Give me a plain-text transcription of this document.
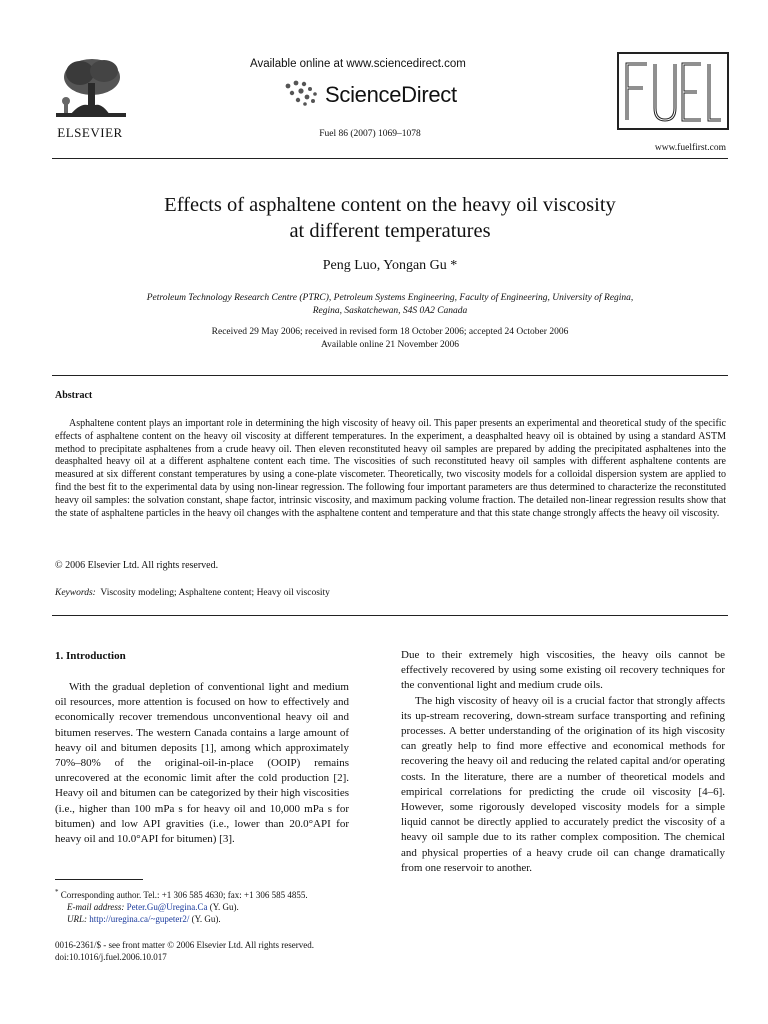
ELSEVIER
Available online at www.sciencedirect.com
ScienceDirect
Fuel 86 (2007) 1069–1078
www.fuelfirst.com
Effects of asphaltene content on the heavy oil viscosity
at different temperatures
Peng Luo, Yongan Gu *
Petroleum Technology Research Centre (PTRC), Petroleum Systems Engineering, Faculty of Engineering, University of Regina,
Regina, Saskatchewan, S4S 0A2 Canada
Received 29 May 2006; received in revised form 18 October 2006; accepted 24 October 2006
Available online 21 November 2006
Abstract
Asphaltene content plays an important role in determining the high viscosity of heavy oil. This paper presents an experimental and theoretical study of the specific effects of asphaltene content on the heavy oil viscosity at different temperatures. In the experiment, a deasphalted heavy oil is obtained by using a standard ASTM method to precipitate asphaltenes from a crude heavy oil. Then eleven reconstituted heavy oil samples are prepared by adding the precipitated asphaltenes into the deasphalted heavy oil at a different asphaltene content each time. The viscosities of such reconstituted heavy oil samples with different asphaltene contents are measured at six different constant temperatures by using a cone-plate viscometer. Theoretically, two viscosity models for a colloidal dispersion system are applied to find the best fit to the experimental data by using non-linear regression. The following four important parameters are thus determined to characterize the reconstituted heavy oil samples: the solvation constant, shape factor, intrinsic viscosity, and maximum packing volume fraction. The detailed non-linear regression results show that the state of asphaltene particles in the heavy oil changes with the asphaltene content and temperature and that this state change strongly affects the heavy oil viscosity.
© 2006 Elsevier Ltd. All rights reserved.
Keywords: Viscosity modeling; Asphaltene content; Heavy oil viscosity
1. Introduction
With the gradual depletion of conventional light and medium oil resources, more attention is focused on how to effectively and economically recover tremendous unconventional heavy oil and bitumen reserves. The western Canada contains a large amount of heavy oil and bitumen deposits [1], among which approximately 70%–80% of the original-oil-in-place (OOIP) remains unrecovered at the economic limit after the cold production [2]. Heavy oil and bitumen can be categorized by their high viscosities (i.e., higher than 100 mPa s for heavy oil and 10,000 mPa s for bitumen) and low API gravities (i.e., lower than 20.0°API for heavy oil and 10.0°API for bitumen) [3].

Due to their extremely high viscosities, the heavy oils cannot be effectively recovered by using some existing oil recovery techniques for the conventional light and medium crude oils.

The high viscosity of heavy oil is a crucial factor that strongly affects its up-stream recovering, down-stream surface transporting and refining processes. A better understanding of the origination of its high viscosity can greatly help to find more effective and economical methods for recovering the heavy oil and reducing the related capital and/or operating costs. In the literature, there are a number of theoretical models and empirical correlations for predicting the crude oil viscosity [4–6]. However, some rigorously developed viscosity models for a simple liquid cannot be directly applied to accurately predict the viscosity of a heavy oil sample due to its rather complex composition. The chemical and physical properties of a heavy crude oil can change dramatically from one reservoir to another.

* Corresponding author. Tel.: +1 306 585 4630; fax: +1 306 585 4855.
E-mail address: Peter.Gu@Uregina.Ca (Y. Gu).
URL: http://uregina.ca/~gupeter2/ (Y. Gu).
0016-2361/$ - see front matter © 2006 Elsevier Ltd. All rights reserved.
doi:10.1016/j.fuel.2006.10.017
